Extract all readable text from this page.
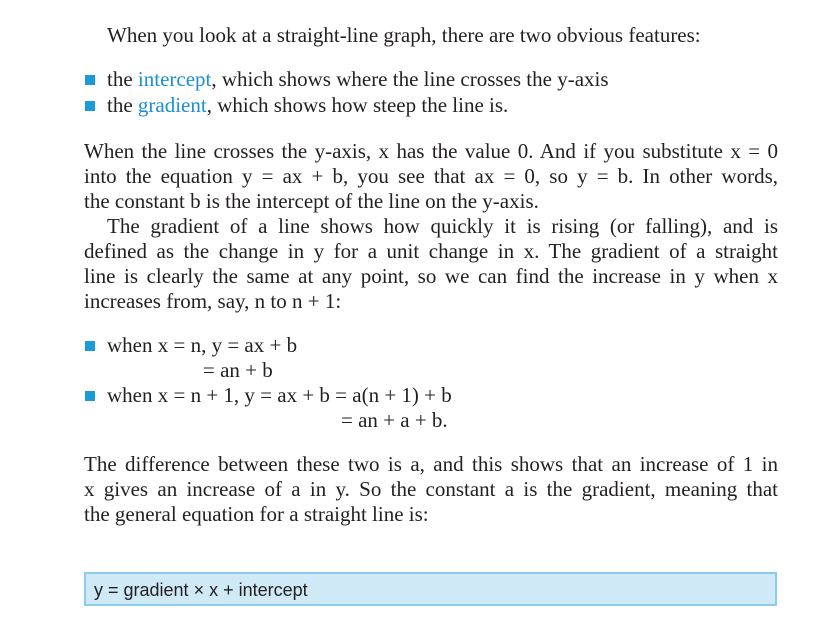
When you look at a straight-line graph, there are two obvious features:
the intercept, which shows where the line crosses the y-axis
the gradient, which shows how steep the line is.
When the line crosses the y-axis, x has the value 0. And if you substitute x = 0
into the equation y = ax + b, you see that ax = 0, so y = b. In other words,
the constant b is the intercept of the line on the y-axis.
The gradient of a line shows how quickly it is rising (or falling), and is
defined as the change in y for a unit change in x. The gradient of a straight
line is clearly the same at any point, so we can find the increase in y when x
increases from, say, n to n + 1:
when x = n, y = ax + b
= an + b
when x = n + 1, y = ax + b = a(n + 1) + b
= an + a + b.
The difference between these two is a, and this shows that an increase of 1 in
x gives an increase of a in y. So the constant a is the gradient, meaning that
the general equation for a straight line is:
y = gradient × x + intercept
